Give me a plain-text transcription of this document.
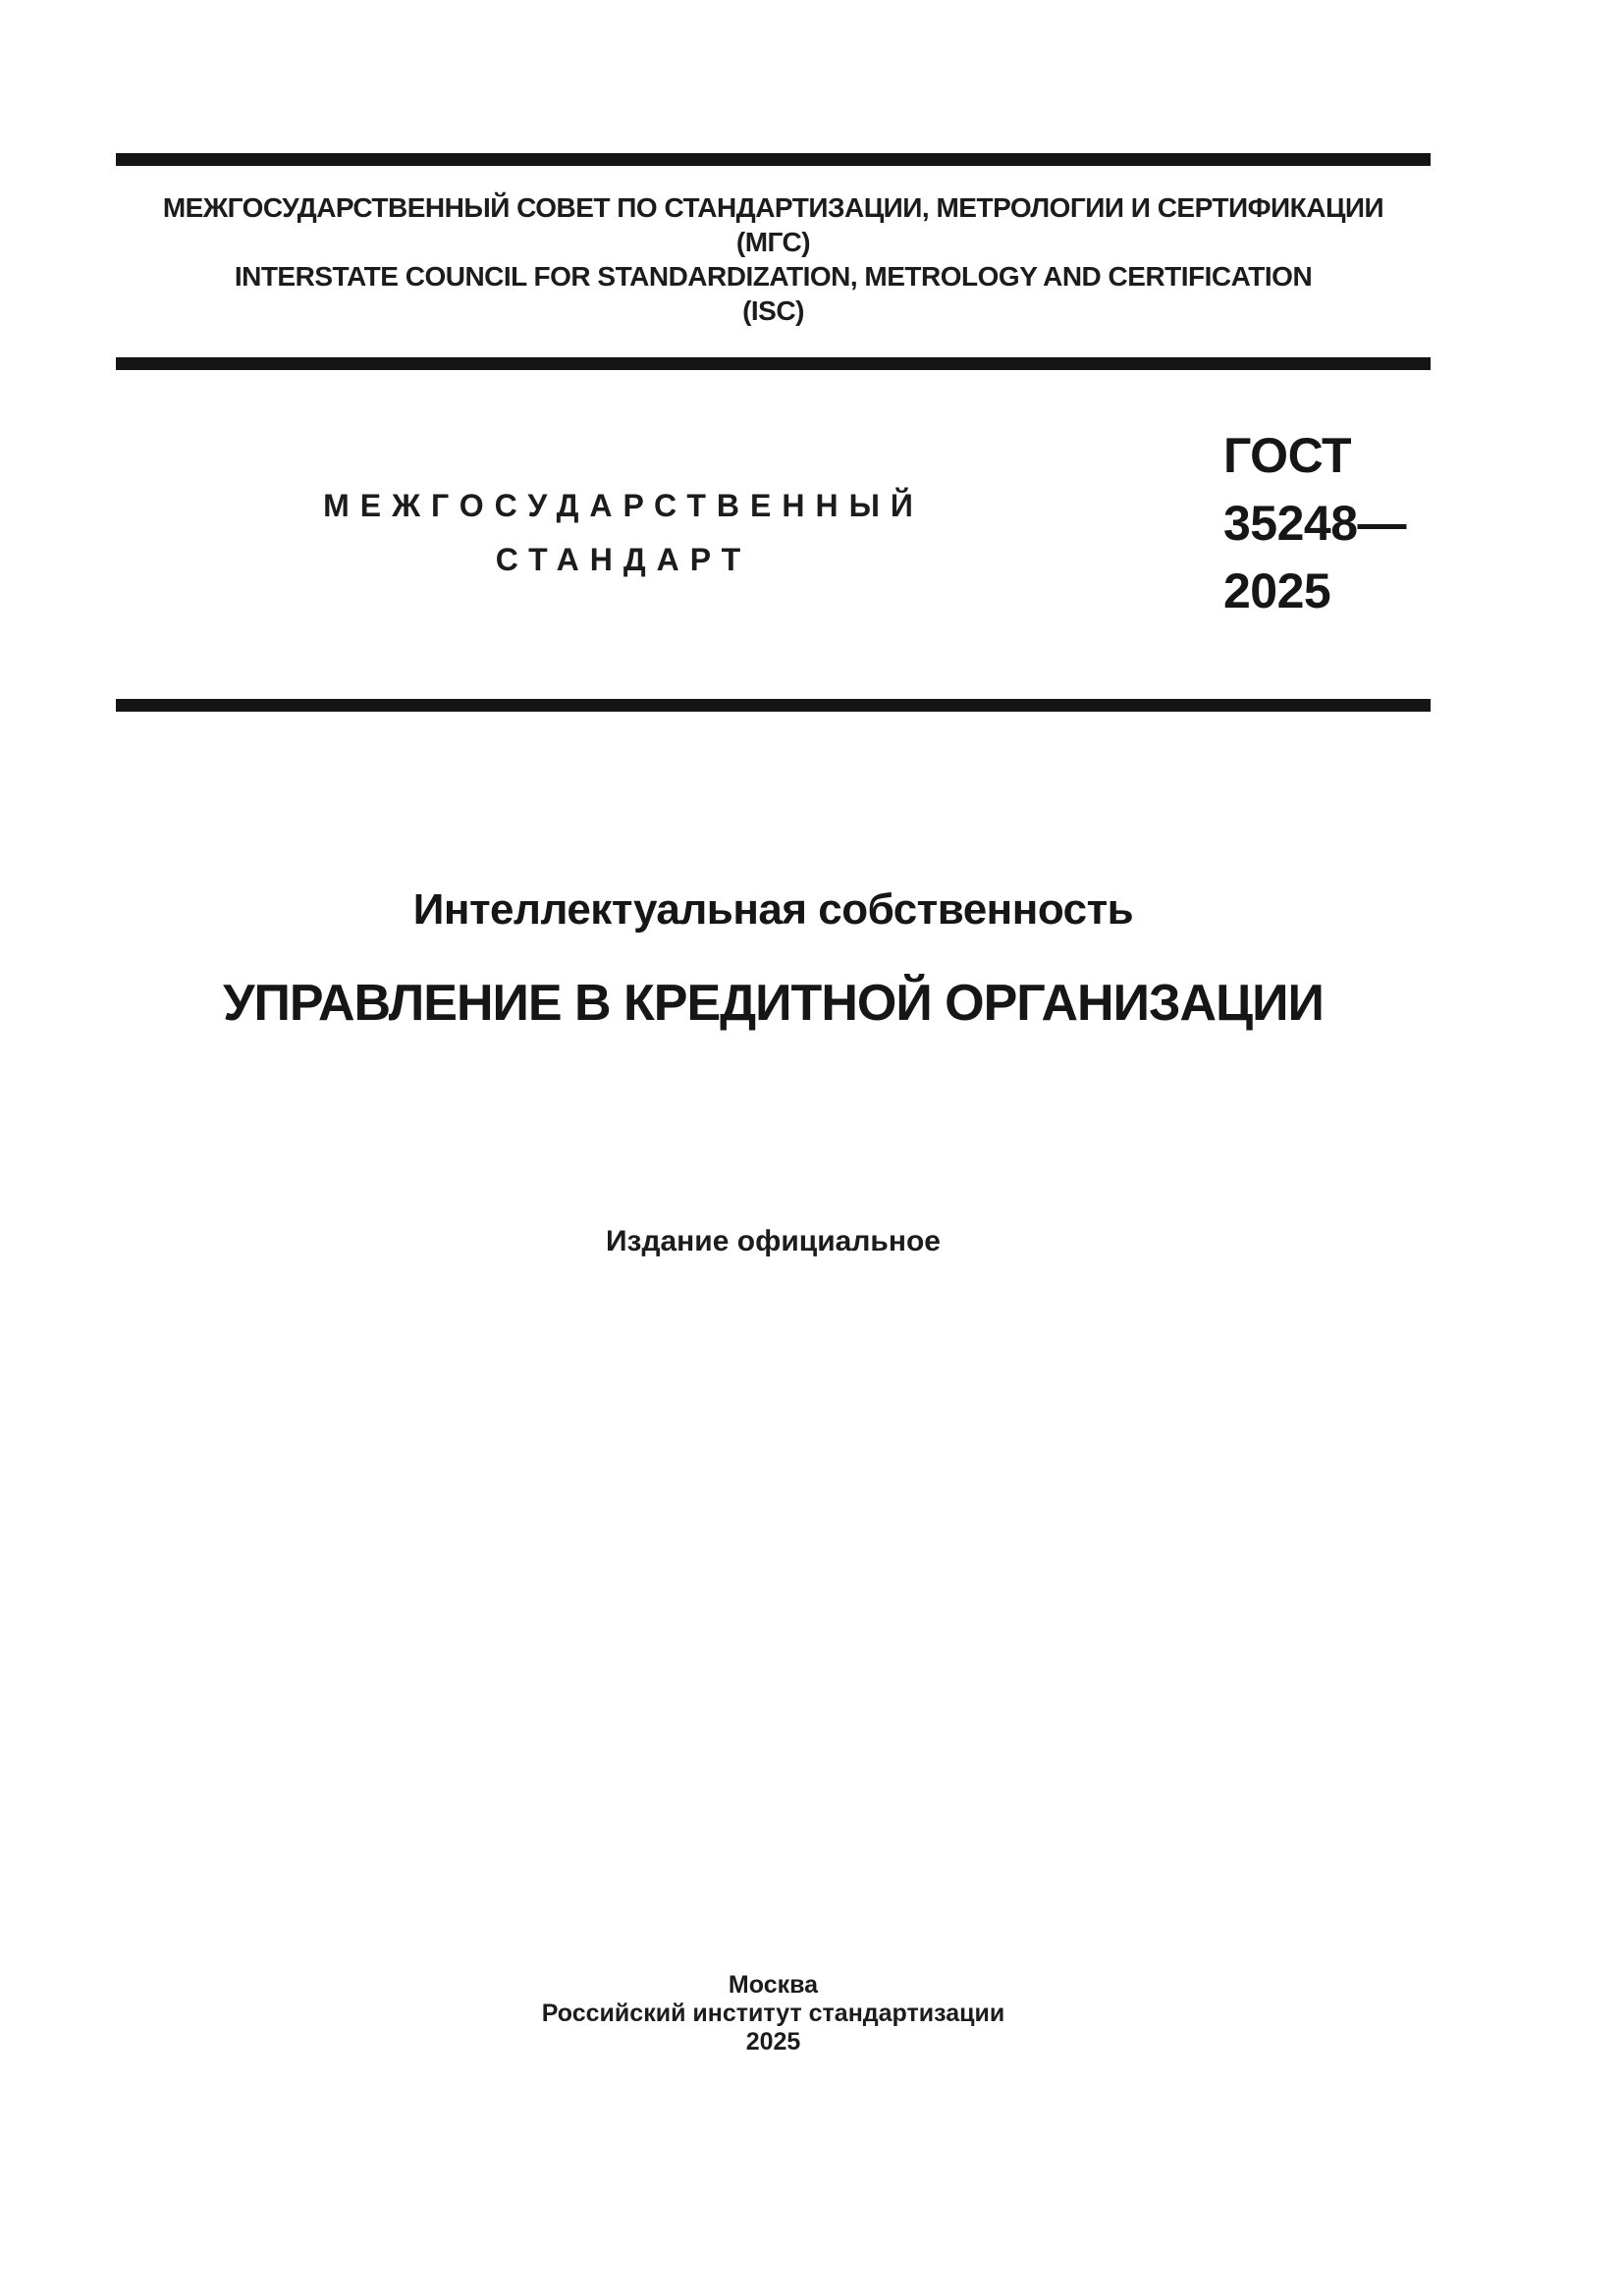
МЕЖГОСУДАРСТВЕННЫЙ СОВЕТ ПО СТАНДАРТИЗАЦИИ, МЕТРОЛОГИИ И СЕРТИФИКАЦИИ
(МГС)
INTERSTATE COUNCIL FOR STANDARDIZATION, METROLOGY AND CERTIFICATION
(ISC)
МЕЖГОСУДАРСТВЕННЫЙ
СТАНДАРТ
ГОСТ
35248—
2025
Интеллектуальная собственность
УПРАВЛЕНИЕ В КРЕДИТНОЙ ОРГАНИЗАЦИИ
Издание официальное
Москва
Российский институт стандартизации
2025
